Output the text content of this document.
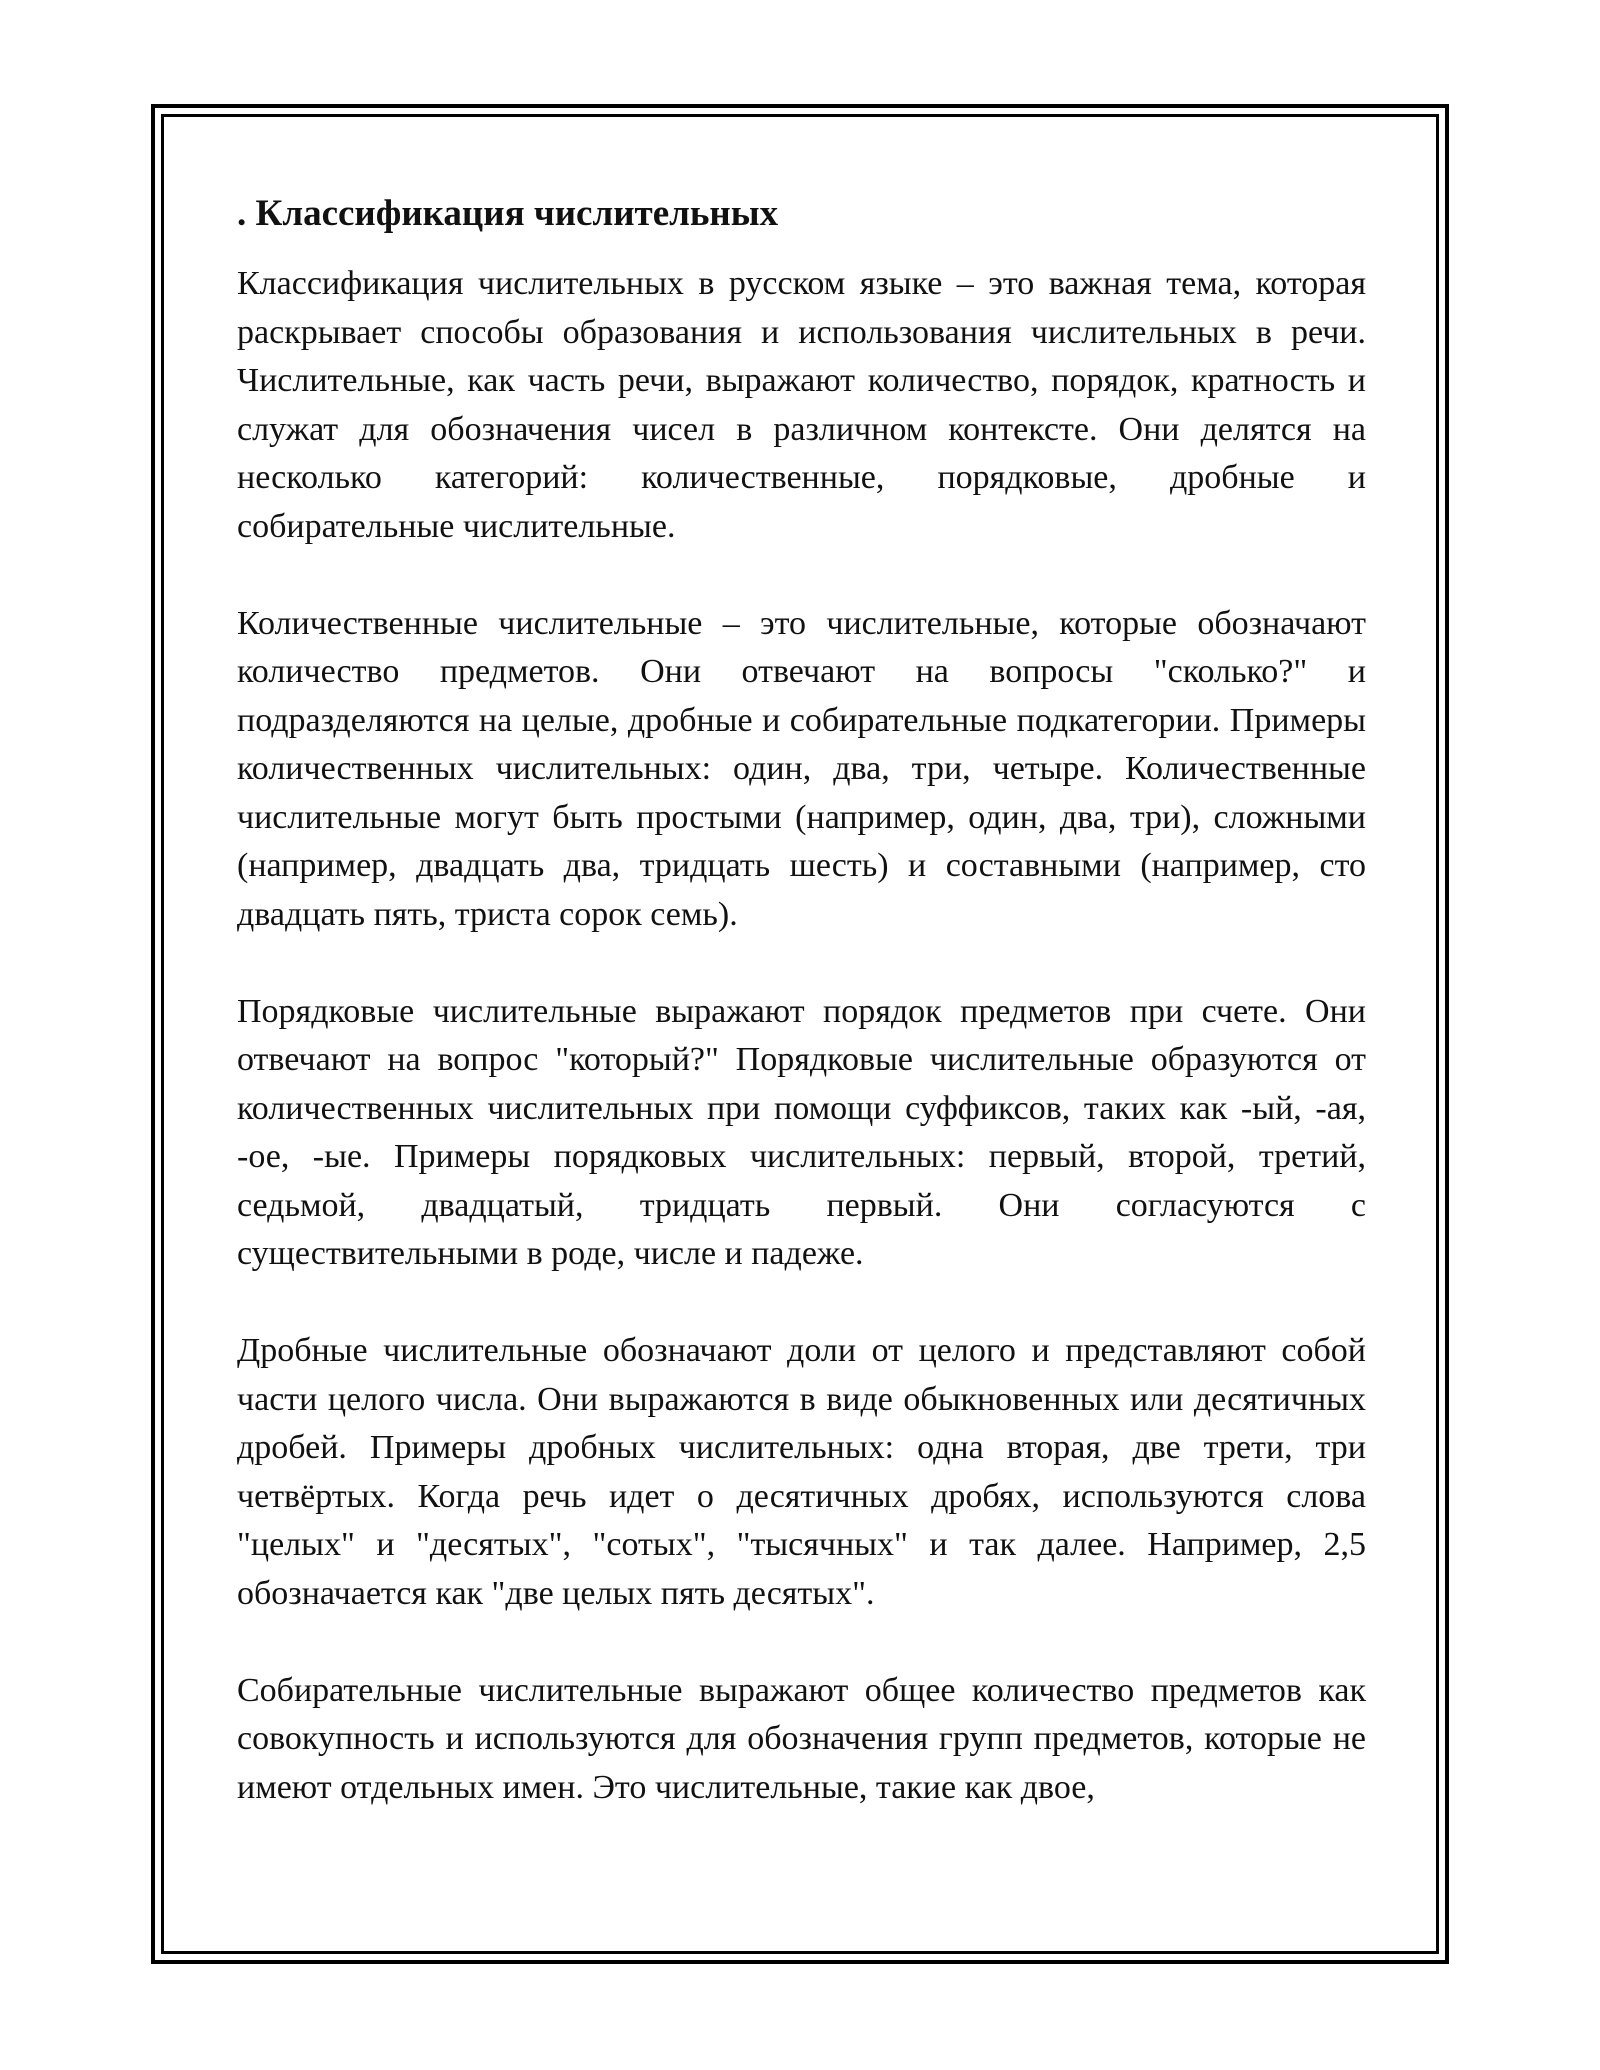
. Классификация числительных

Классификация числительных в русском языке – это важная тема, которая раскрывает способы образования и использования числительных в речи. Числительные, как часть речи, выражают количество, порядок, кратность и служат для обозначения чисел в различном контексте. Они делятся на несколько категорий: количественные, порядковые, дробные и собирательные числительные.

Количественные числительные – это числительные, которые обозначают количество предметов. Они отвечают на вопросы "сколько?" и подразделяются на целые, дробные и собирательные подкатегории. Примеры количественных числительных: один, два, три, четыре. Количественные числительные могут быть простыми (например, один, два, три), сложными (например, двадцать два, тридцать шесть) и составными (например, сто двадцать пять, триста сорок семь).

Порядковые числительные выражают порядок предметов при счете. Они отвечают на вопрос "который?" Порядковые числительные образуются от количественных числительных при помощи суффиксов, таких как -ый, -ая, -ое, -ые. Примеры порядковых числительных: первый, второй, третий, седьмой, двадцатый, тридцать первый. Они согласуются с существительными в роде, числе и падеже.

Дробные числительные обозначают доли от целого и представляют собой части целого числа. Они выражаются в виде обыкновенных или десятичных дробей. Примеры дробных числительных: одна вторая, две трети, три четвёртых. Когда речь идет о десятичных дробях, используются слова "целых" и "десятых", "сотых", "тысячных" и так далее. Например, 2,5 обозначается как "две целых пять десятых".

Собирательные числительные выражают общее количество предметов как совокупность и используются для обозначения групп предметов, которые не имеют отдельных имен. Это числительные, такие как двое,
